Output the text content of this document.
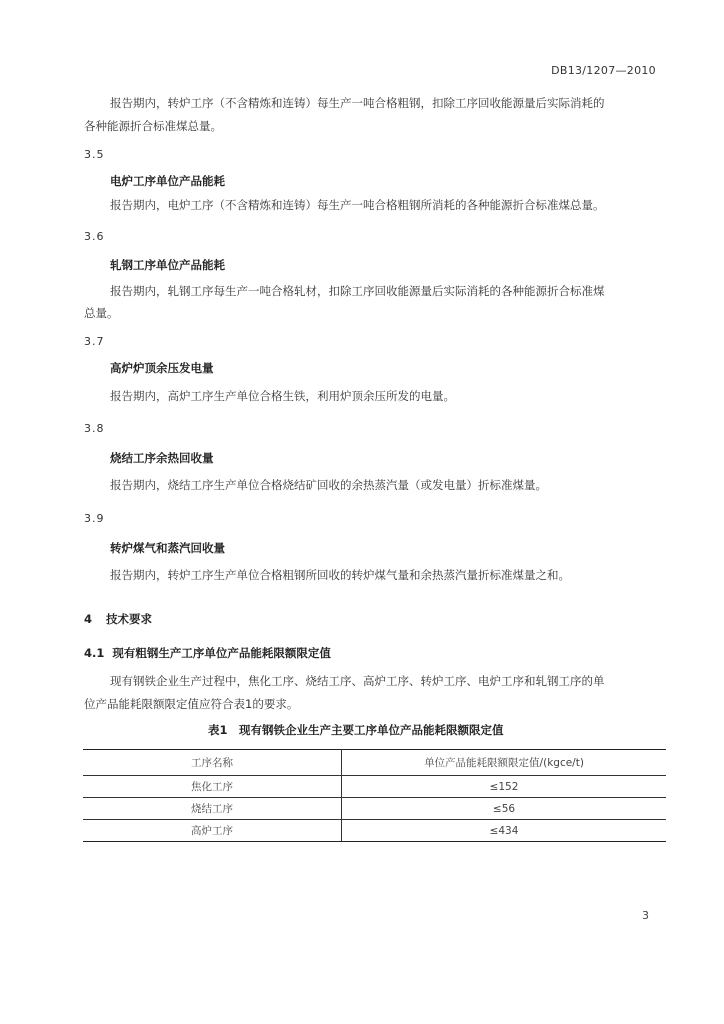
DB13/1207—2010
报告期内，转炉工序（不含精炼和连铸）每生产一吨合格粗钢，扣除工序回收能源量后实际消耗的
各种能源折合标准煤总量。
3.5
电炉工序单位产品能耗
报告期内，电炉工序（不含精炼和连铸）每生产一吨合格粗钢所消耗的各种能源折合标准煤总量。
3.6
轧钢工序单位产品能耗
报告期内，轧钢工序每生产一吨合格轧材，扣除工序回收能源量后实际消耗的各种能源折合标准煤
总量。
3.7
高炉炉顶余压发电量
报告期内，高炉工序生产单位合格生铁，利用炉顶余压所发的电量。
3.8
烧结工序余热回收量
报告期内，烧结工序生产单位合格烧结矿回收的余热蒸汽量（或发电量）折标准煤量。
3.9
转炉煤气和蒸汽回收量
报告期内，转炉工序生产单位合格粗钢所回收的转炉煤气量和余热蒸汽量折标准煤量之和。
4 技术要求
4.1 现有粗钢生产工序单位产品能耗限额限定值
现有钢铁企业生产过程中，焦化工序、烧结工序、高炉工序、转炉工序、电炉工序和轧钢工序的单
位产品能耗限额限定值应符合表1的要求。
表1　现有钢铁企业生产主要工序单位产品能耗限额限定值
工序名称	单位产品能耗限额限定值/(kgce/t)
焦化工序	≤152
烧结工序	≤56
高炉工序	≤434
3
